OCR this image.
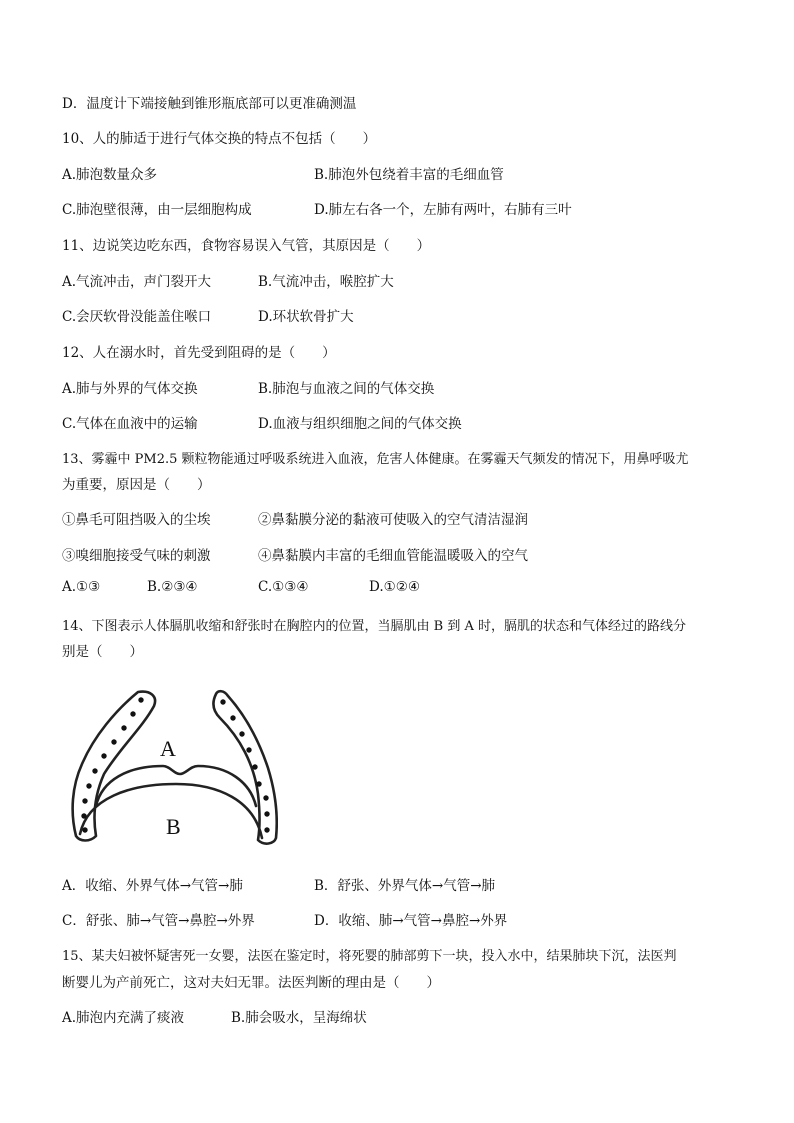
D．温度计下端接触到锥形瓶底部可以更准确测温
10、人的肺适于进行气体交换的特点不包括（　　）
A.肺泡数量众多	B.肺泡外包绕着丰富的毛细血管
C.肺泡壁很薄，由一层细胞构成	D.肺左右各一个，左肺有两叶，右肺有三叶
11、边说笑边吃东西，食物容易误入气管，其原因是（　　）
A.气流冲击，声门裂开大	B.气流冲击，喉腔扩大
C.会厌软骨没能盖住喉口	D.环状软骨扩大
12、人在溺水时，首先受到阻碍的是（　　）
A.肺与外界的气体交换	B.肺泡与血液之间的气体交换
C.气体在血液中的运输	D.血液与组织细胞之间的气体交换
13、雾霾中 PM2.5 颗粒物能通过呼吸系统进入血液，危害人体健康。在雾霾天气频发的情况下，用鼻呼吸尤
为重要，原因是（　　）
①鼻毛可阻挡吸入的尘埃	②鼻黏膜分泌的黏液可使吸入的空气清洁湿润
③嗅细胞接受气味的刺激	④鼻黏膜内丰富的毛细血管能温暖吸入的空气
A.①③	B.②③④	C.①③④	D.①②④
14、下图表示人体膈肌收缩和舒张时在胸腔内的位置，当膈肌由 B 到 A 时，膈肌的状态和气体经过的路线分
别是（　　）
A
B
A．收缩、外界气体→气管→肺	B．舒张、外界气体→气管→肺
C．舒张、肺→气管→鼻腔→外界	D．收缩、肺→气管→鼻腔→外界
15、某夫妇被怀疑害死一女婴，法医在鉴定时，将死婴的肺部剪下一块，投入水中，结果肺块下沉，法医判
断婴儿为产前死亡，这对夫妇无罪。法医判断的理由是（　　）
A.肺泡内充满了痰液	B.肺会吸水，呈海绵状
